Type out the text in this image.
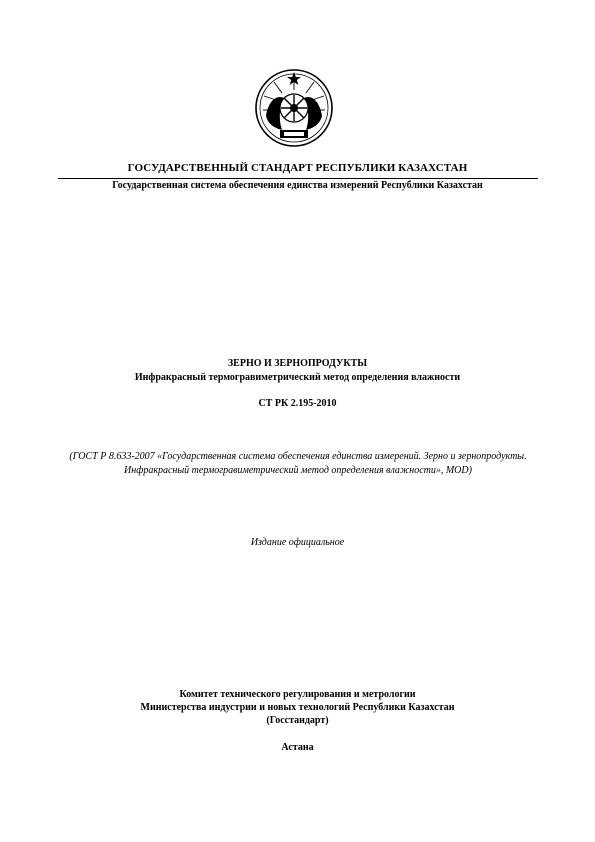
ГОСУДАРСТВЕННЫЙ СТАНДАРТ РЕСПУБЛИКИ КАЗАХСТАН
Государственная система обеспечения единства измерений Республики Казахстан
ЗЕРНО И ЗЕРНОПРОДУКТЫ
Инфракрасный термогравиметрический метод определения влажности
СТ РК 2.195-2010
(ГОСТ Р 8.633-2007 «Государственная система обеспечения единства измерений. Зерно и зернопродукты. Инфракрасный термогравиметрический метод определения влажности», MOD)
Издание официальное
Комитет технического регулирования и метрологии
Министерства индустрии и новых технологий Республики Казахстан
(Госстандарт)
Астана
